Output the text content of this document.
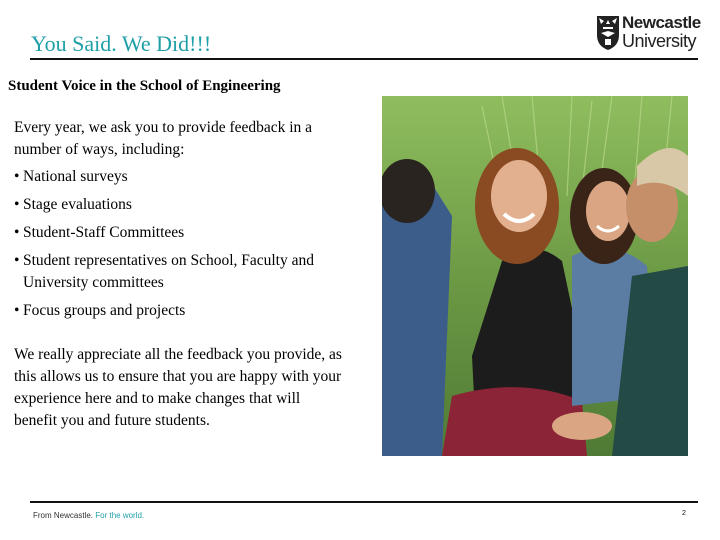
You Said. We Did!!!
Newcastle
University
Student Voice in the School of Engineering

Every year, we ask you to provide feedback in a number of ways, including:

• National surveys
• Stage evaluations
• Student-Staff Committees
• Student representatives on School, Faculty and University committees
• Focus groups and projects

We really appreciate all the feedback you provide, as this allows us to ensure that you are happy with your experience here and to make changes that will benefit you and future students.

From Newcastle. For the world.	2
